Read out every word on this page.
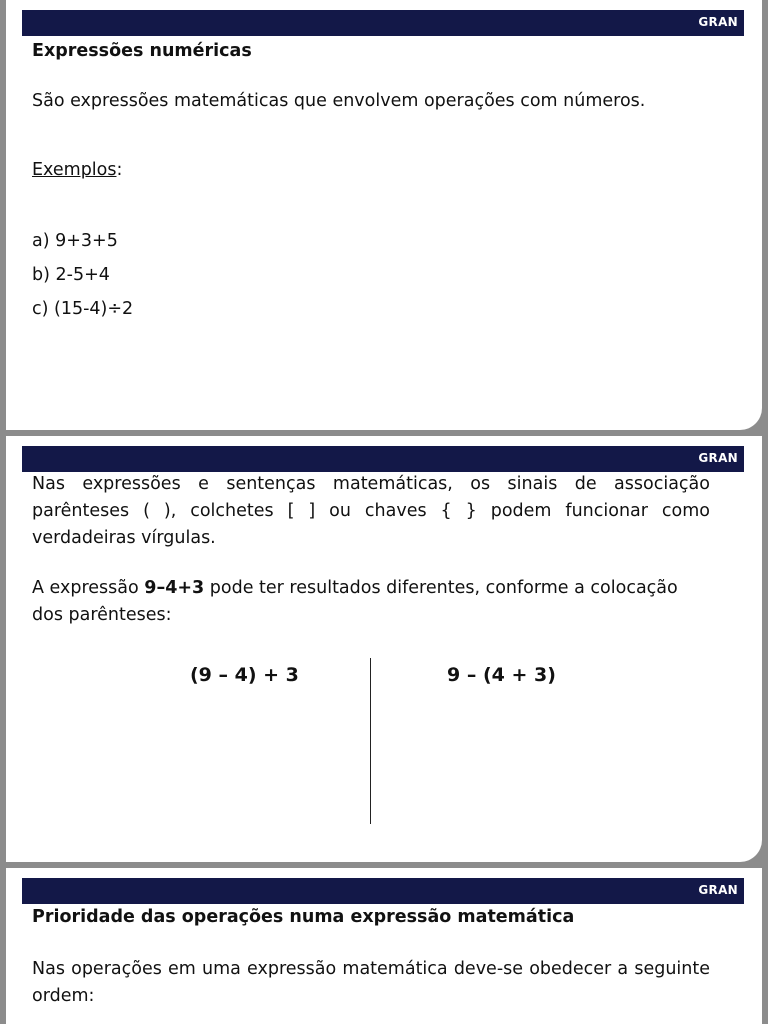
GRAN
Expressões numéricas
São expressões matemáticas que envolvem operações com números.
Exemplos:
a) 9+3+5
b) 2-5+4
c) (15-4)÷2
GRAN
Nas expressões e sentenças matemáticas, os sinais de associação parênteses ( ), colchetes [ ] ou chaves { } podem funcionar como verdadeiras vírgulas.
A expressão 9–4+3 pode ter resultados diferentes, conforme a colocação dos parênteses:
(9 – 4) + 3	9 – (4 + 3)
GRAN
Prioridade das operações numa expressão matemática
Nas operações em uma expressão matemática deve-se obedecer a seguinte ordem:
